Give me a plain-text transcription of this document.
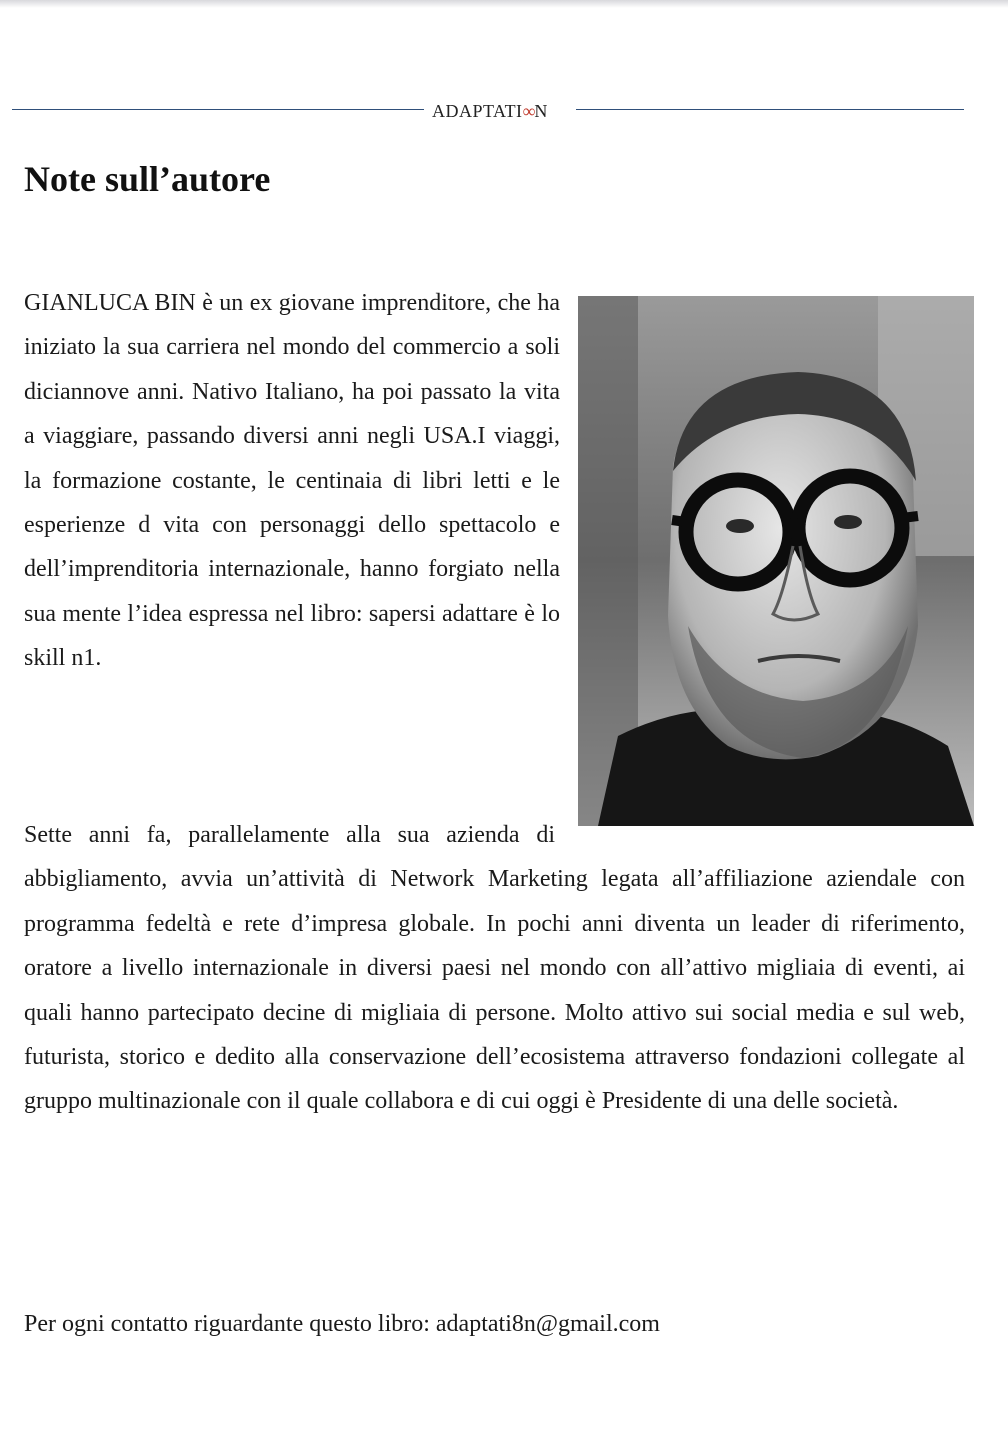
ADAPTATI∞N
Note sull’autore

GIANLUCA BIN è un ex giovane imprenditore, che ha iniziato la sua carriera nel mondo del commercio a soli diciannove anni. Nativo Italiano, ha poi passato la vita a viaggiare, passando diversi anni negli USA.I viaggi, la formazione costante, le centinaia di libri letti e le esperienze d vita con personaggi dello spettacolo e dell’imprenditoria internazionale, hanno forgiato nella sua mente l’idea espressa nel libro: sapersi adattare è lo skill n1.

Sette anni fa, parallelamente alla sua azienda di abbigliamento, avvia un’attività di Network Marketing legata all’affiliazione aziendale con programma fedeltà e rete d’impresa globale. In pochi anni diventa un leader di riferimento, oratore a livello internazionale in diversi paesi nel mondo con all’attivo migliaia di eventi, ai quali hanno partecipato decine di migliaia di persone. Molto attivo sui social media e sul web, futurista, storico e dedito alla conservazione dell’ecosistema attraverso fondazioni collegate al gruppo multinazionale con il quale collabora e di cui oggi è Presidente di una delle società.

Per ogni contatto riguardante questo libro: adaptati8n@gmail.com
